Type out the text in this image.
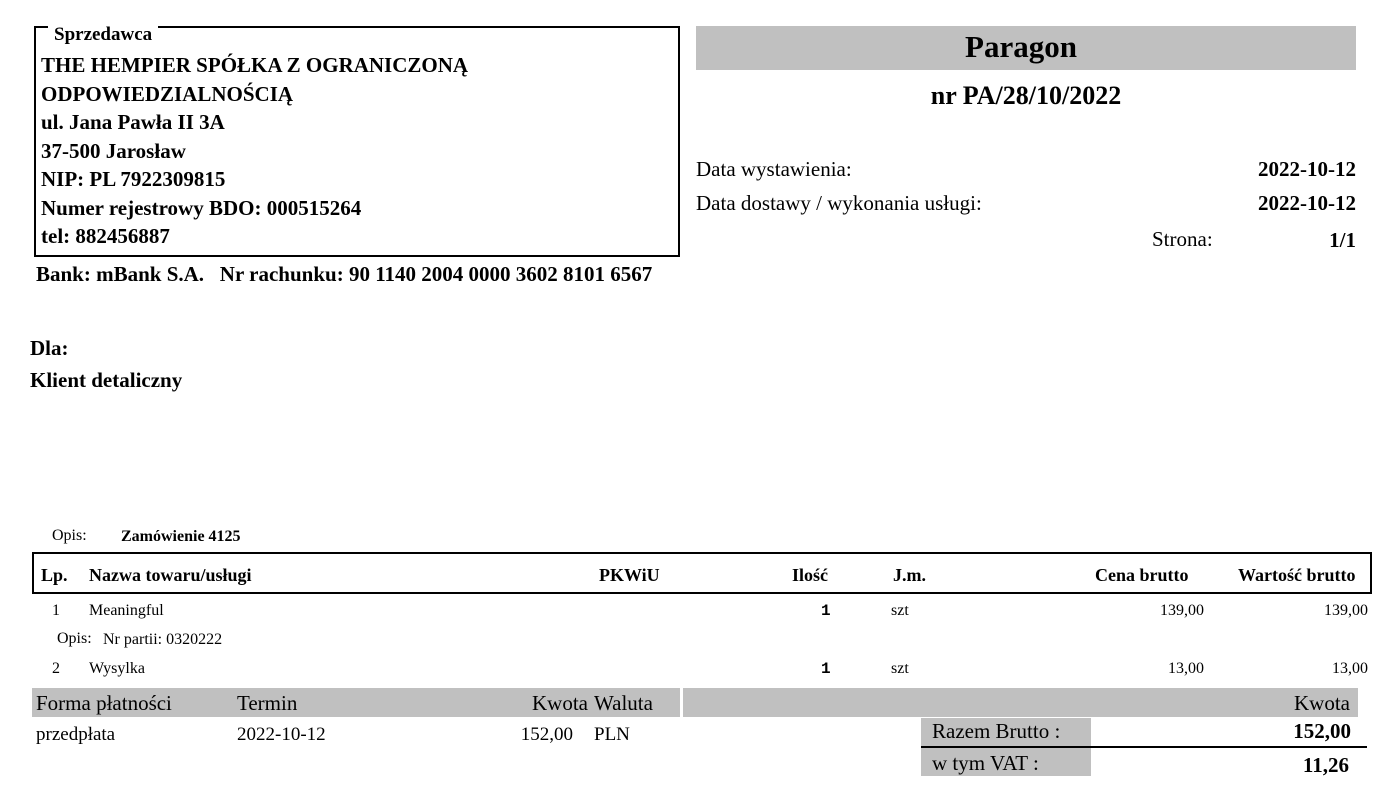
Sprzedawca
THE HEMPIER SPÓŁKA Z OGRANICZONĄ
ODPOWIEDZIALNOŚCIĄ
ul. Jana Pawła II 3A
37-500 Jarosław
NIP: PL 7922309815
Numer rejestrowy BDO: 000515264
tel: 882456887
Bank: mBank S.A.   Nr rachunku: 90 1140 2004 0000 3602 8101 6567
Paragon
nr PA/28/10/2022
Data wystawienia:	2022-10-12
Data dostawy / wykonania usługi:	2022-10-12
Strona:	1/1
Dla:
Klient detaliczny
Opis: Zamówienie 4125
Lp. Nazwa towaru/usługi	PKWiU	Ilość	J.m.	Cena brutto	Wartość brutto
1 Meaningful	1	szt	139,00	139,00
Opis: Nr partii: 0320222
2 Wysylka	1	szt	13,00	13,00
Forma płatności	Termin	Kwota Waluta	Kwota
przedpłata	2022-10-12	152,00 PLN	Razem Brutto :	152,00
w tym VAT :	11,26
